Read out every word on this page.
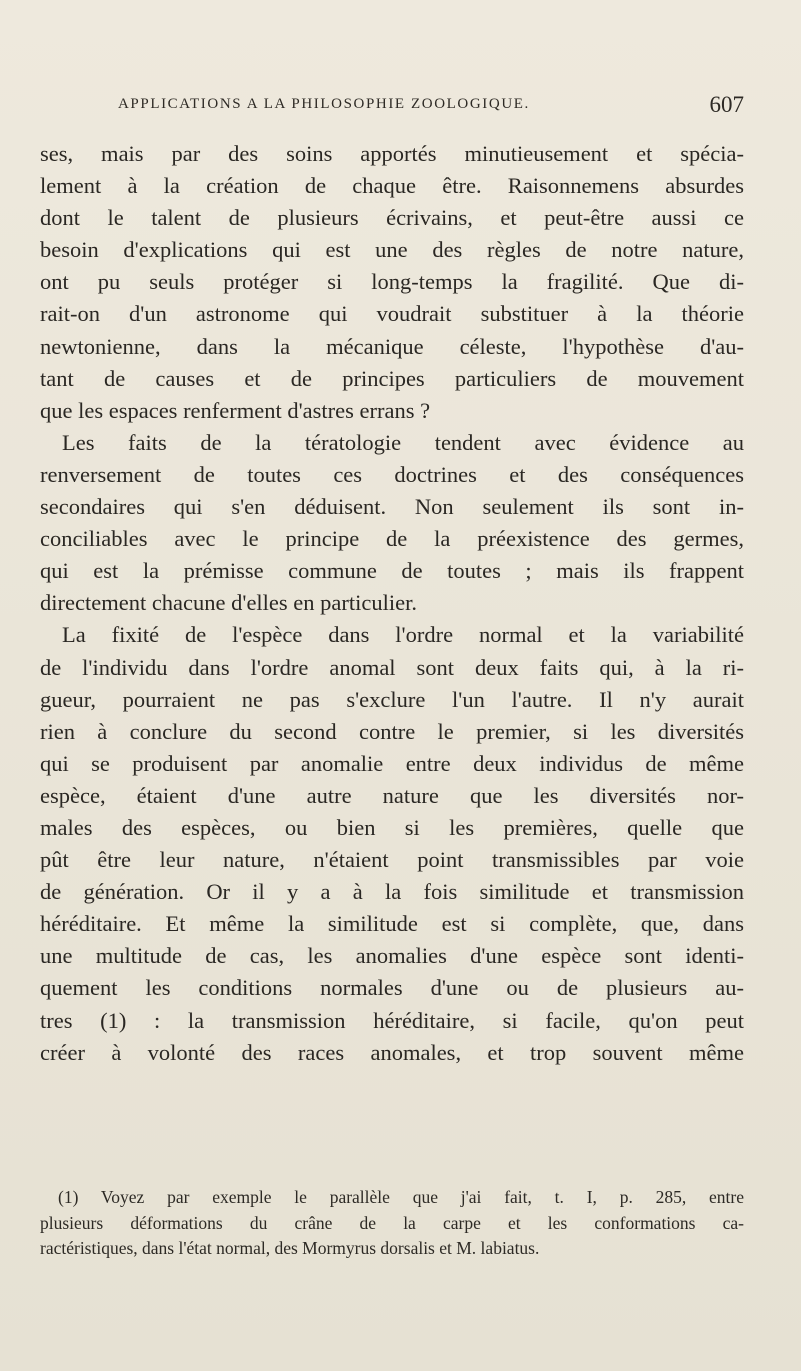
APPLICATIONS A LA PHILOSOPHIE ZOOLOGIQUE.	607
ses, mais par des soins apportés minutieusement et spécia-
lement à la création de chaque être. Raisonnemens absurdes
dont le talent de plusieurs écrivains, et peut-être aussi ce
besoin d'explications qui est une des règles de notre nature,
ont pu seuls protéger si long-temps la fragilité. Que di-
rait-on d'un astronome qui voudrait substituer à la théorie
newtonienne, dans la mécanique céleste, l'hypothèse d'au-
tant de causes et de principes particuliers de mouvement
que les espaces renferment d'astres errans ?
Les faits de la tératologie tendent avec évidence au
renversement de toutes ces doctrines et des conséquences
secondaires qui s'en déduisent. Non seulement ils sont in-
conciliables avec le principe de la préexistence des germes,
qui est la prémisse commune de toutes ; mais ils frappent
directement chacune d'elles en particulier.
La fixité de l'espèce dans l'ordre normal et la variabilité
de l'individu dans l'ordre anomal sont deux faits qui, à la ri-
gueur, pourraient ne pas s'exclure l'un l'autre. Il n'y aurait
rien à conclure du second contre le premier, si les diversités
qui se produisent par anomalie entre deux individus de même
espèce, étaient d'une autre nature que les diversités nor-
males des espèces, ou bien si les premières, quelle que
pût être leur nature, n'étaient point transmissibles par voie
de génération. Or il y a à la fois similitude et transmission
héréditaire. Et même la similitude est si complète, que, dans
une multitude de cas, les anomalies d'une espèce sont identi-
quement les conditions normales d'une ou de plusieurs au-
tres (1) : la transmission héréditaire, si facile, qu'on peut
créer à volonté des races anomales, et trop souvent même
(1) Voyez par exemple le parallèle que j'ai fait, t. I, p. 285, entre
plusieurs déformations du crâne de la carpe et les conformations ca-
ractéristiques, dans l'état normal, des Mormyrus dorsalis et M. labiatus.
